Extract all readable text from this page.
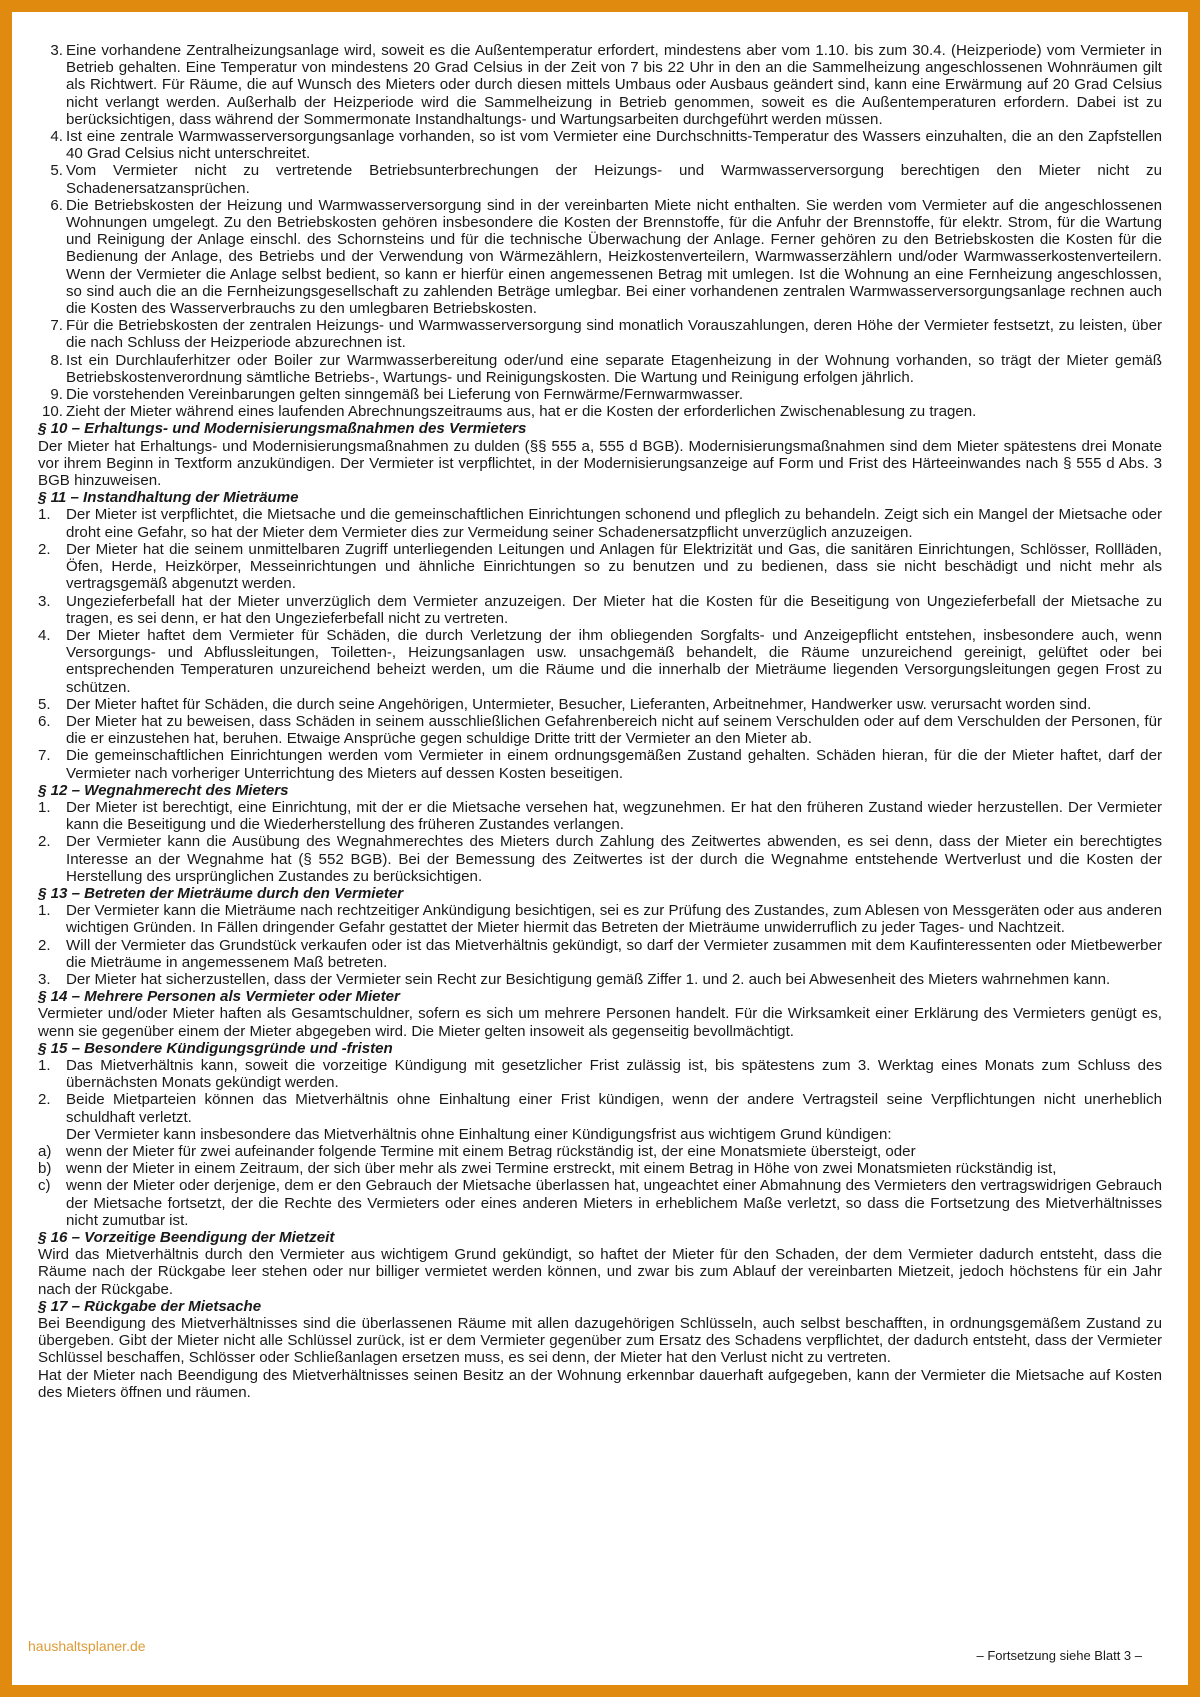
3. Eine vorhandene Zentralheizungsanlage wird, soweit es die Außentemperatur erfordert, mindestens aber vom 1.10. bis zum 30.4. (Heizperiode) vom Vermieter in Betrieb gehalten. Eine Temperatur von mindestens 20 Grad Celsius in der Zeit von 7 bis 22 Uhr in den an die Sammelheizung angeschlossenen Wohnräumen gilt als Richtwert. Für Räume, die auf Wunsch des Mieters oder durch diesen mittels Umbaus oder Ausbaus geändert sind, kann eine Erwärmung auf 20 Grad Celsius nicht verlangt werden. Außerhalb der Heizperiode wird die Sammelheizung in Betrieb genommen, soweit es die Außentemperaturen erfordern. Dabei ist zu berücksichtigen, dass während der Sommermonate Instandhaltungs- und Wartungsarbeiten durchgeführt werden müssen.
4. Ist eine zentrale Warmwasserversorgungsanlage vorhanden, so ist vom Vermieter eine Durchschnitts-Temperatur des Wassers einzuhalten, die an den Zapfstellen 40 Grad Celsius nicht unterschreitet.
5. Vom Vermieter nicht zu vertretende Betriebsunterbrechungen der Heizungs- und Warmwasserversorgung berechtigen den Mieter nicht zu Schadenersatzansprüchen.
6. Die Betriebskosten der Heizung und Warmwasserversorgung sind in der vereinbarten Miete nicht enthalten. Sie werden vom Vermieter auf die angeschlossenen Wohnungen umgelegt. Zu den Betriebskosten gehören insbesondere die Kosten der Brennstoffe, für die Anfuhr der Brennstoffe, für elektr. Strom, für die Wartung und Reinigung der Anlage einschl. des Schornsteins und für die technische Überwachung der Anlage. Ferner gehören zu den Betriebskosten die Kosten für die Bedienung der Anlage, des Betriebs und der Verwendung von Wärmezählern, Heizkostenverteilern, Warmwasserzählern und/oder Warmwasserkostenverteilern. Wenn der Vermieter die Anlage selbst bedient, so kann er hierfür einen angemessenen Betrag mit umlegen. Ist die Wohnung an eine Fernheizung angeschlossen, so sind auch die an die Fernheizungsgesellschaft zu zahlenden Beträge umlegbar. Bei einer vorhandenen zentralen Warmwasserversorgungsanlage rechnen auch die Kosten des Wasserverbrauchs zu den umlegbaren Betriebskosten.
7. Für die Betriebskosten der zentralen Heizungs- und Warmwasserversorgung sind monatlich Vorauszahlungen, deren Höhe der Vermieter festsetzt, zu leisten, über die nach Schluss der Heizperiode abzurechnen ist.
8. Ist ein Durchlauferhitzer oder Boiler zur Warmwasserbereitung oder/und eine separate Etagenheizung in der Wohnung vorhanden, so trägt der Mieter gemäß Betriebskostenverordnung sämtliche Betriebs-, Wartungs- und Reinigungskosten. Die Wartung und Reinigung erfolgen jährlich.
9. Die vorstehenden Vereinbarungen gelten sinngemäß bei Lieferung von Fernwärme/Fernwarmwasser.
10. Zieht der Mieter während eines laufenden Abrechnungszeitraums aus, hat er die Kosten der erforderlichen Zwischenablesung zu tragen.

§ 10 – Erhaltungs- und Modernisierungsmaßnahmen des Vermieters

Der Mieter hat Erhaltungs- und Modernisierungsmaßnahmen zu dulden (§§ 555 a, 555 d BGB). Modernisierungsmaßnahmen sind dem Mieter spätestens drei Monate vor ihrem Beginn in Textform anzukündigen. Der Vermieter ist verpflichtet, in der Modernisierungsanzeige auf Form und Frist des Härteeinwandes nach § 555 d Abs. 3 BGB hinzuweisen.

§ 11 – Instandhaltung der Mieträume

1.	Der Mieter ist verpflichtet, die Mietsache und die gemeinschaftlichen Einrichtungen schonend und pfleglich zu behandeln. Zeigt sich ein Mangel der Mietsache oder droht eine Gefahr, so hat der Mieter dem Vermieter dies zur Vermeidung seiner Schadenersatzpflicht unverzüglich anzuzeigen.
2.	Der Mieter hat die seinem unmittelbaren Zugriff unterliegenden Leitungen und Anlagen für Elektrizität und Gas, die sanitären Einrichtungen, Schlösser, Rollläden, Öfen, Herde, Heizkörper, Messeinrichtungen und ähnliche Einrichtungen so zu benutzen und zu bedienen, dass sie nicht beschädigt und nicht mehr als vertragsgemäß abgenutzt werden.
3.	Ungezieferbefall hat der Mieter unverzüglich dem Vermieter anzuzeigen. Der Mieter hat die Kosten für die Beseitigung von Ungezieferbefall der Mietsache zu tragen, es sei denn, er hat den Ungezieferbefall nicht zu vertreten.
4.	Der Mieter haftet dem Vermieter für Schäden, die durch Verletzung der ihm obliegenden Sorgfalts- und Anzeigepflicht entstehen, insbesondere auch, wenn Versorgungs- und Abflussleitungen, Toiletten-, Heizungsanlagen usw. unsachgemäß behandelt, die Räume unzureichend gereinigt, gelüftet oder bei entsprechenden Temperaturen unzureichend beheizt werden, um die Räume und die innerhalb der Mieträume liegenden Versorgungsleitungen gegen Frost zu schützen.
5.	Der Mieter haftet für Schäden, die durch seine Angehörigen, Untermieter, Besucher, Lieferanten, Arbeitnehmer, Handwerker usw. verursacht worden sind.
6.	Der Mieter hat zu beweisen, dass Schäden in seinem ausschließlichen Gefahrenbereich nicht auf seinem Verschulden oder auf dem Verschulden der Personen, für die er einzustehen hat, beruhen. Etwaige Ansprüche gegen schuldige Dritte tritt der Vermieter an den Mieter ab.
7.	Die gemeinschaftlichen Einrichtungen werden vom Vermieter in einem ordnungsgemäßen Zustand gehalten. Schäden hieran, für die der Mieter haftet, darf der Vermieter nach vorheriger Unterrichtung des Mieters auf dessen Kosten beseitigen.

§ 12 – Wegnahmerecht des Mieters

1.	Der Mieter ist berechtigt, eine Einrichtung, mit der er die Mietsache versehen hat, wegzunehmen. Er hat den früheren Zustand wieder herzustellen. Der Vermieter kann die Beseitigung und die Wiederherstellung des früheren Zustandes verlangen.
2.	Der Vermieter kann die Ausübung des Wegnahmerechtes des Mieters durch Zahlung des Zeitwertes abwenden, es sei denn, dass der Mieter ein berechtigtes Interesse an der Wegnahme hat (§ 552 BGB). Bei der Bemessung des Zeitwertes ist der durch die Wegnahme entstehende Wertverlust und die Kosten der Herstellung des ursprünglichen Zustandes zu berücksichtigen.

§ 13 – Betreten der Mieträume durch den Vermieter

1.	Der Vermieter kann die Mieträume nach rechtzeitiger Ankündigung besichtigen, sei es zur Prüfung des Zustandes, zum Ablesen von Messgeräten oder aus anderen wichtigen Gründen. In Fällen dringender Gefahr gestattet der Mieter hiermit das Betreten der Mieträume unwiderruflich zu jeder Tages- und Nachtzeit.
2.	Will der Vermieter das Grundstück verkaufen oder ist das Mietverhältnis gekündigt, so darf der Vermieter zusammen mit dem Kaufinteressenten oder Mietbewerber die Mieträume in angemessenem Maß betreten.
3.	Der Mieter hat sicherzustellen, dass der Vermieter sein Recht zur Besichtigung gemäß Ziffer 1. und 2. auch bei Abwesenheit des Mieters wahrnehmen kann.

§ 14 – Mehrere Personen als Vermieter oder Mieter

Vermieter und/oder Mieter haften als Gesamtschuldner, sofern es sich um mehrere Personen handelt. Für die Wirksamkeit einer Erklärung des Vermieters genügt es, wenn sie gegenüber einem der Mieter abgegeben wird. Die Mieter gelten insoweit als gegenseitig bevollmächtigt.

§ 15 – Besondere Kündigungsgründe und -fristen

1.	Das Mietverhältnis kann, soweit die vorzeitige Kündigung mit gesetzlicher Frist zulässig ist, bis spätestens zum 3. Werktag eines Monats zum Schluss des übernächsten Monats gekündigt werden.
2.	Beide Mietparteien können das Mietverhältnis ohne Einhaltung einer Frist kündigen, wenn der andere Vertragsteil seine Verpflichtungen nicht unerheblich schuldhaft verletzt.

Der Vermieter kann insbesondere das Mietverhältnis ohne Einhaltung einer Kündigungsfrist aus wichtigem Grund kündigen:

a) wenn der Mieter für zwei aufeinander folgende Termine mit einem Betrag rückständig ist, der eine Monatsmiete übersteigt, oder
b) wenn der Mieter in einem Zeitraum, der sich über mehr als zwei Termine erstreckt, mit einem Betrag in Höhe von zwei Monatsmieten rückständig ist,
c)	wenn der Mieter oder derjenige, dem er den Gebrauch der Mietsache überlassen hat, ungeachtet einer Abmahnung des Vermieters den vertragswidrigen Gebrauch der Mietsache fortsetzt, der die Rechte des Vermieters oder eines anderen Mieters in erheblichem Maße verletzt, so dass die Fortsetzung des Mietverhältnisses nicht zumutbar ist.

§ 16 – Vorzeitige Beendigung der Mietzeit

Wird das Mietverhältnis durch den Vermieter aus wichtigem Grund gekündigt, so haftet der Mieter für den Schaden, der dem Vermieter dadurch entsteht, dass die Räume nach der Rückgabe leer stehen oder nur billiger vermietet werden können, und zwar bis zum Ablauf der vereinbarten Mietzeit, jedoch höchstens für ein Jahr nach der Rückgabe.

§ 17 – Rückgabe der Mietsache

Bei Beendigung des Mietverhältnisses sind die überlassenen Räume mit allen dazugehörigen Schlüsseln, auch selbst beschafften, in ordnungsgemäßem Zustand zu übergeben. Gibt der Mieter nicht alle Schlüssel zurück, ist er dem Vermieter gegenüber zum Ersatz des Schadens verpflichtet, der dadurch entsteht, dass der Vermieter Schlüssel beschaffen, Schlösser oder Schließanlagen ersetzen muss, es sei denn, der Mieter hat den Verlust nicht zu vertreten.

Hat der Mieter nach Beendigung des Mietverhältnisses seinen Besitz an der Wohnung erkennbar dauerhaft aufgegeben, kann der Vermieter die Mietsache auf Kosten des Mieters öffnen und räumen.

haushaltsplaner.de
– Fortsetzung siehe Blatt 3 –
